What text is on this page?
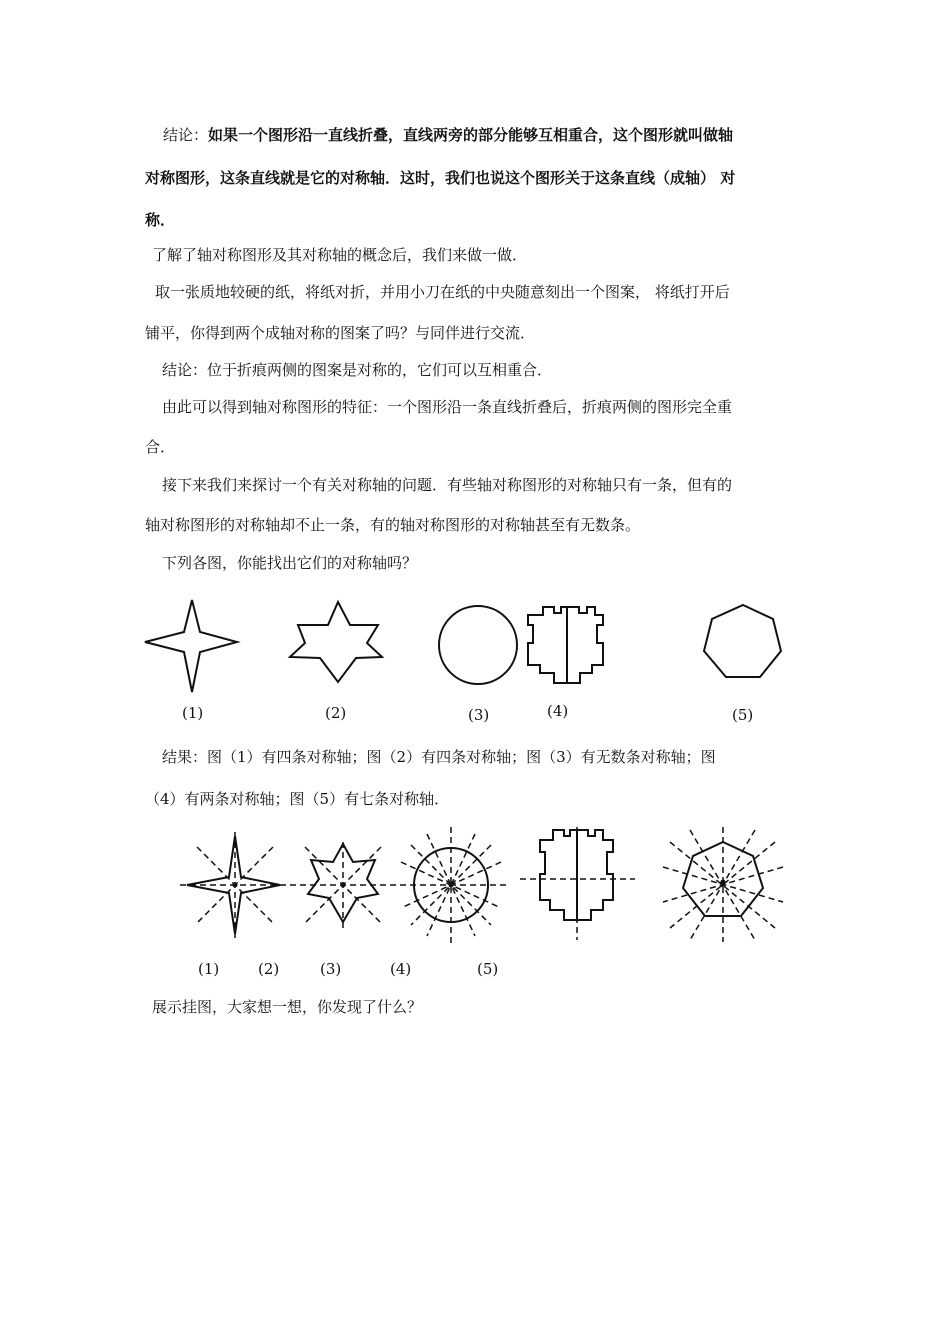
结论：如果一个图形沿一直线折叠，直线两旁的部分能够互相重合，这个图形就叫做轴
对称图形，这条直线就是它的对称轴．这时，我们也说这个图形关于这条直线（成轴） 对
称．
了解了轴对称图形及其对称轴的概念后，我们来做一做．
取一张质地较硬的纸，将纸对折，并用小刀在纸的中央随意刻出一个图案， 将纸打开后
铺平，你得到两个成轴对称的图案了吗？与同伴进行交流．
结论：位于折痕两侧的图案是对称的，它们可以互相重合．
由此可以得到轴对称图形的特征：一个图形沿一条直线折叠后，折痕两侧的图形完全重
合．
接下来我们来探讨一个有关对称轴的问题．有些轴对称图形的对称轴只有一条，但有的
轴对称图形的对称轴却不止一条，有的轴对称图形的对称轴甚至有无数条。
下列各图，你能找出它们的对称轴吗？
(1)	(2)	(3)	(4)	(5)
结果：图（1）有四条对称轴；图（2）有四条对称轴；图（3）有无数条对称轴；图
（4）有两条对称轴；图（5）有七条对称轴．
(1)	(2)	(3)	(4)	(5)
展示挂图，大家想一想，你发现了什么？
